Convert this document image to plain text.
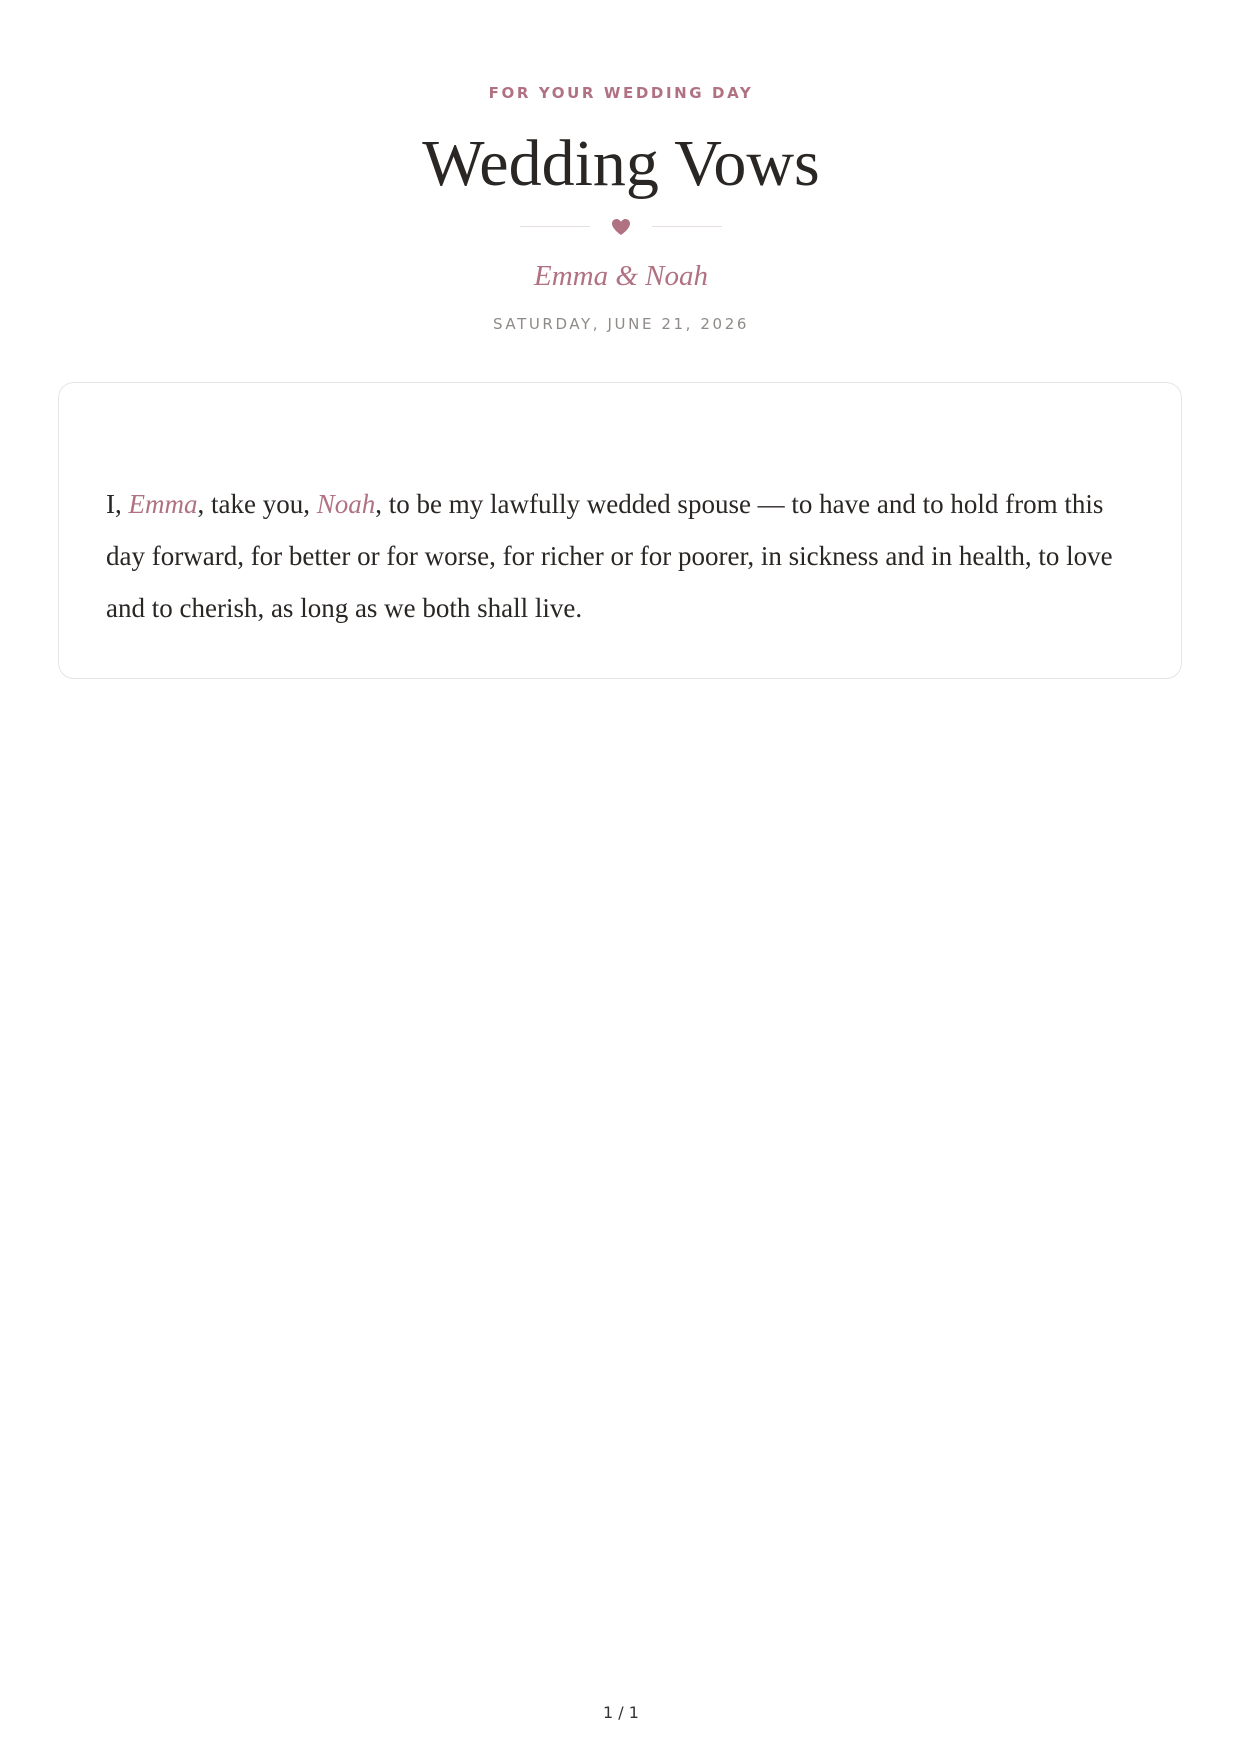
FOR YOUR WEDDING DAY
Wedding Vows
Emma & Noah
SATURDAY, JUNE 21, 2026
I, Emma, take you, Noah, to be my lawfully wedded spouse — to have and to hold from this day forward, for better or for worse, for richer or for poorer, in sickness and in health, to love and to cherish, as long as we both shall live.
1 / 1
